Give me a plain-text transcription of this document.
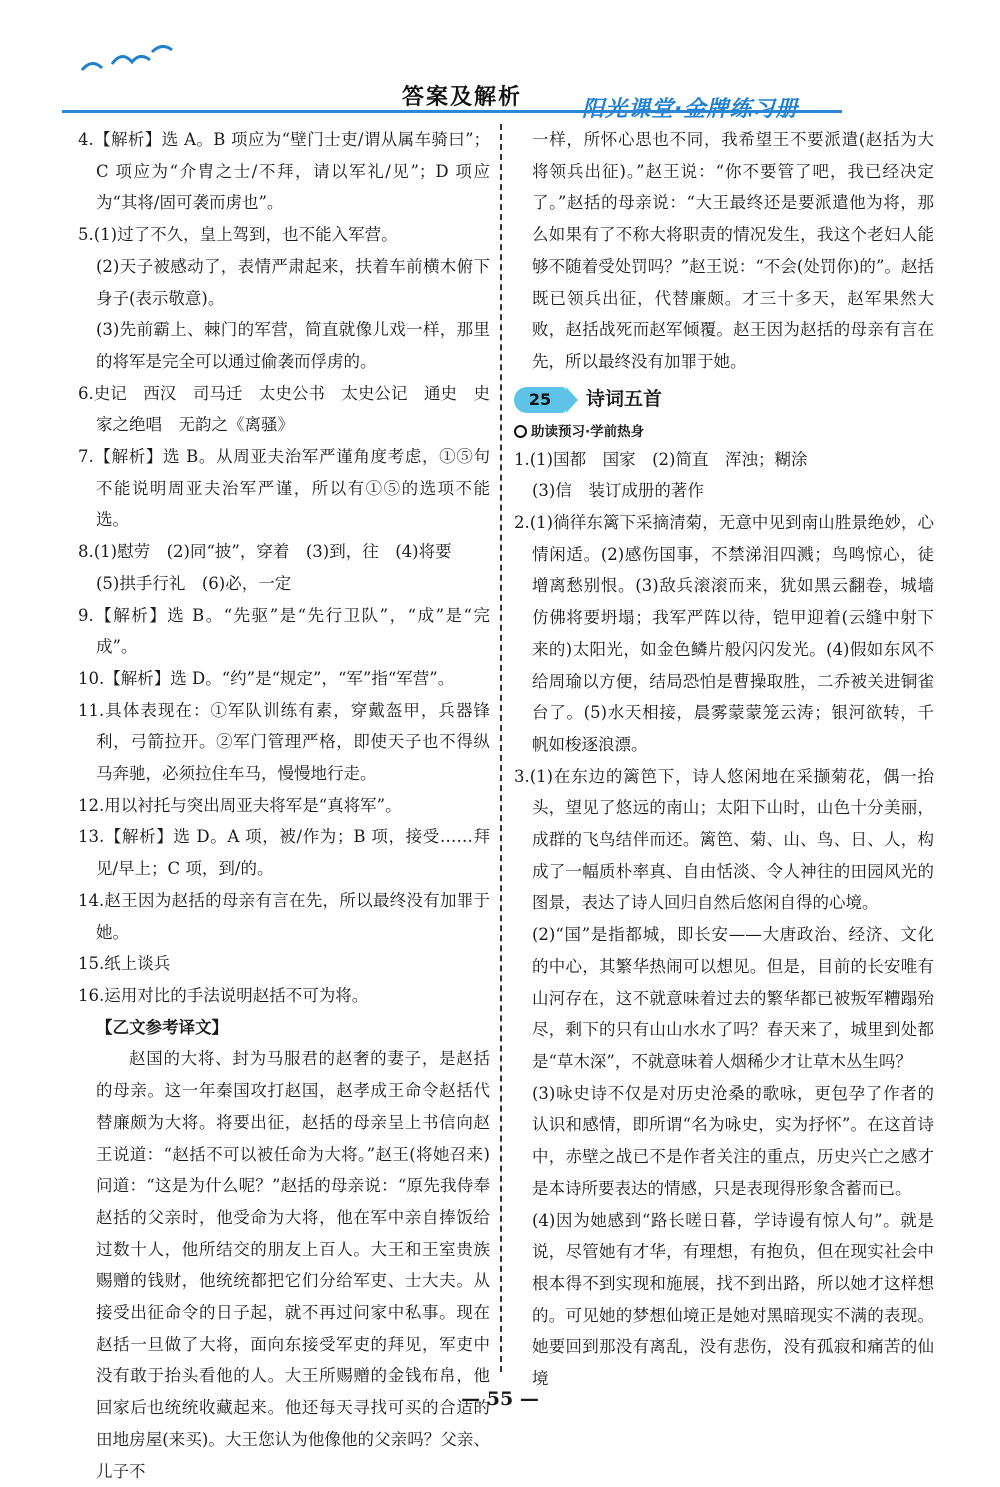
答案及解析

4.【解析】选 A。B 项应为“壁门士吏/谓从属车骑曰”；C 项应为“介胄之士/不拜，请以军礼/见”；D 项应为“其将/固可袭而虏也”。

5.(1)过了不久，皇上驾到，也不能入军营。

(2)天子被感动了，表情严肃起来，扶着车前横木俯下身子(表示敬意)。

(3)先前霸上、棘门的军营，简直就像儿戏一样，那里的将军是完全可以通过偷袭而俘虏的。

6.史记　西汉　司马迁　太史公书　太史公记　通史　史家之绝唱　无韵之《离骚》

7.【解析】选 B。从周亚夫治军严谨角度考虑，①⑤句不能说明周亚夫治军严谨，所以有①⑤的选项不能选。

8.(1)慰劳　(2)同“披”，穿着　(3)到，往　(4)将要

(5)拱手行礼　(6)必，一定

9.【解析】选 B。“先驱”是“先行卫队”，“成”是“完成”。

10.【解析】选 D。“约”是“规定”，“军”指“军营”。

11.具体表现在：①军队训练有素，穿戴盔甲，兵器锋利，弓箭拉开。②军门管理严格，即使天子也不得纵马奔驰，必须拉住车马，慢慢地行走。

12.用以衬托与突出周亚夫将军是“真将军”。

13.【解析】选 D。A 项，被/作为；B 项，接受……拜见/早上；C 项，到/的。

14.赵王因为赵括的母亲有言在先，所以最终没有加罪于她。

15.纸上谈兵

16.运用对比的手法说明赵括不可为将。

【乙文参考译文】

赵国的大将、封为马服君的赵奢的妻子，是赵括的母亲。这一年秦国攻打赵国，赵孝成王命令赵括代替廉颇为大将。将要出征，赵括的母亲呈上书信向赵王说道：“赵括不可以被任命为大将。”赵王(将她召来)问道：“这是为什么呢？”赵括的母亲说：“原先我侍奉赵括的父亲时，他受命为大将，他在军中亲自捧饭给过数十人，他所结交的朋友上百人。大王和王室贵族赐赠的钱财，他统统都把它们分给军吏、士大夫。从接受出征命令的日子起，就不再过问家中私事。现在赵括一旦做了大将，面向东接受军吏的拜见，军吏中没有敢于抬头看他的人。大王所赐赠的金钱布帛，他回家后也统统收藏起来。他还每天寻找可买的合适的田地房屋(来买)。大王您认为他像他的父亲吗？父亲、儿子不

一样，所怀心思也不同，我希望王不要派遣(赵括为大将领兵出征)。”赵王说：“你不要管了吧，我已经决定了。”赵括的母亲说：“大王最终还是要派遣他为将，那么如果有了不称大将职责的情况发生，我这个老妇人能够不随着受处罚吗？”赵王说：“不会(处罚你)的”。赵括既已领兵出征，代替廉颇。才三十多天，赵军果然大败，赵括战死而赵军倾覆。赵王因为赵括的母亲有言在先，所以最终没有加罪于她。

25	诗词五首
助读预习·学前热身

1.(1)国都　国家　(2)简直　浑浊；糊涂

(3)信　装订成册的著作

2.(1)徜徉东篱下采摘清菊，无意中见到南山胜景绝妙，心情闲适。(2)感伤国事，不禁涕泪四溅；鸟鸣惊心，徒增离愁别恨。(3)敌兵滚滚而来，犹如黑云翻卷，城墙仿佛将要坍塌；我军严阵以待，铠甲迎着(云缝中射下来的)太阳光，如金色鳞片般闪闪发光。(4)假如东风不给周瑜以方便，结局恐怕是曹操取胜，二乔被关进铜雀台了。(5)水天相接，晨雾蒙蒙笼云涛；银河欲转，千帆如梭逐浪漂。

3.(1)在东边的篱笆下，诗人悠闲地在采撷菊花，偶一抬头，望见了悠远的南山；太阳下山时，山色十分美丽，成群的飞鸟结伴而还。篱笆、菊、山、鸟、日、人，构成了一幅质朴率真、自由恬淡、令人神往的田园风光的图景，表达了诗人回归自然后悠闲自得的心境。

(2)“国”是指都城，即长安——大唐政治、经济、文化的中心，其繁华热闹可以想见。但是，目前的长安唯有山河存在，这不就意味着过去的繁华都已被叛军糟蹋殆尽，剩下的只有山山水水了吗？春天来了，城里到处都是“草木深”，不就意味着人烟稀少才让草木丛生吗？

(3)咏史诗不仅是对历史沧桑的歌咏，更包孕了作者的认识和感情，即所谓“名为咏史，实为抒怀”。在这首诗中，赤壁之战已不是作者关注的重点，历史兴亡之感才是本诗所要表达的情感，只是表现得形象含蓄而已。

(4)因为她感到“路长嗟日暮，学诗谩有惊人句”。就是说，尽管她有才华，有理想，有抱负，但在现实社会中根本得不到实现和施展，找不到出路，所以她才这样想的。可见她的梦想仙境正是她对黑暗现实不满的表现。她要回到那没有离乱，没有悲伤，没有孤寂和痛苦的仙境

— 55 —
